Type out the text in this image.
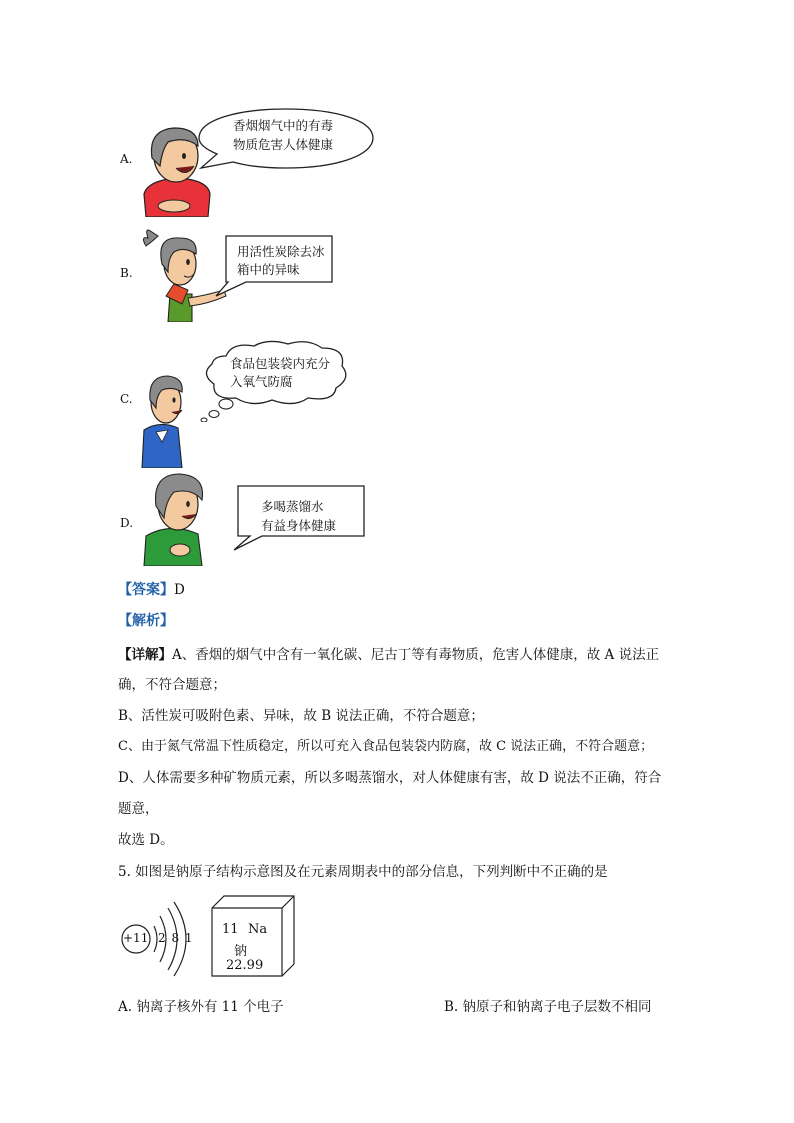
A.
香烟烟气中的有毒
物质危害人体健康
B.
用活性炭除去冰
箱中的异味
C.
食品包装袋内充分
入氧气防腐
D.
多喝蒸馏水
有益身体健康
【答案】D
【解析】
【详解】A、香烟的烟气中含有一氧化碳、尼古丁等有毒物质，危害人体健康，故 A 说法正
确，不符合题意；
B、活性炭可吸附色素、异味，故 B 说法正确，不符合题意；
C、由于氮气常温下性质稳定，所以可充入食品包装袋内防腐，故 C 说法正确，不符合题意；
D、人体需要多种矿物质元素，所以多喝蒸馏水，对人体健康有害，故 D 说法不正确，符合
题意，
故选 D。
5. 如图是钠原子结构示意图及在元素周期表中的部分信息，下列判断中不正确的是
+11 2 8 1
11 Na
钠
22.99
A. 钠离子核外有 11 个电子	B. 钠原子和钠离子电子层数不相同
